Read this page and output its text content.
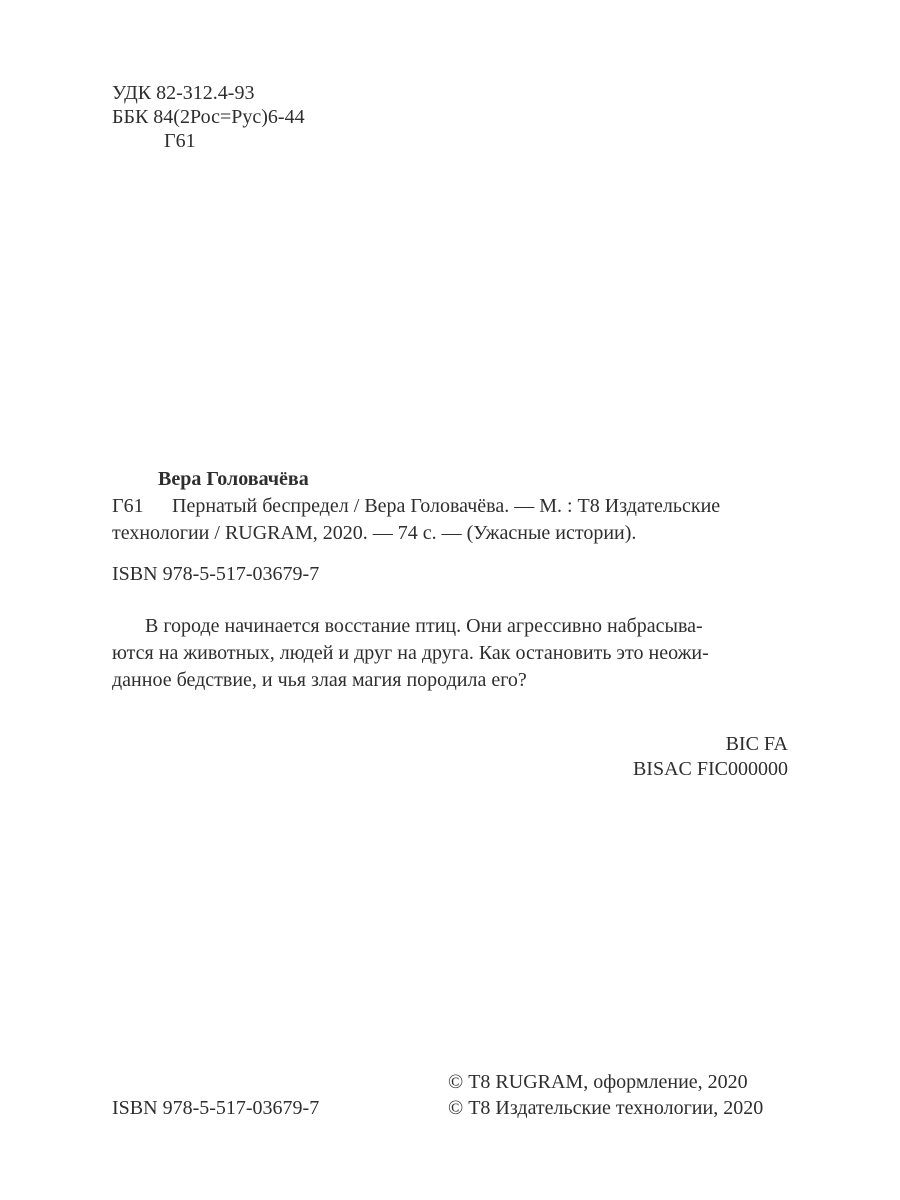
УДК 82-312.4-93
ББК 84(2Рос=Рус)6-44
Г61
Вера Головачёва
Г61	Пернатый беспредел / Вера Головачёва. — М. : Т8 Издательские
технологии / RUGRAM, 2020. — 74 с. — (Ужасные истории).
ISBN 978-5-517-03679-7
В городе начинается восстание птиц. Они агрессивно набрасыва-
ются на животных, людей и друг на друга. Как остановить это неожи-
данное бедствие, и чья злая магия породила его?
BIC FA
BISAC FIC000000
ISBN 978-5-517-03679-7
© Т8 RUGRAM, оформление, 2020
© Т8 Издательские технологии, 2020
